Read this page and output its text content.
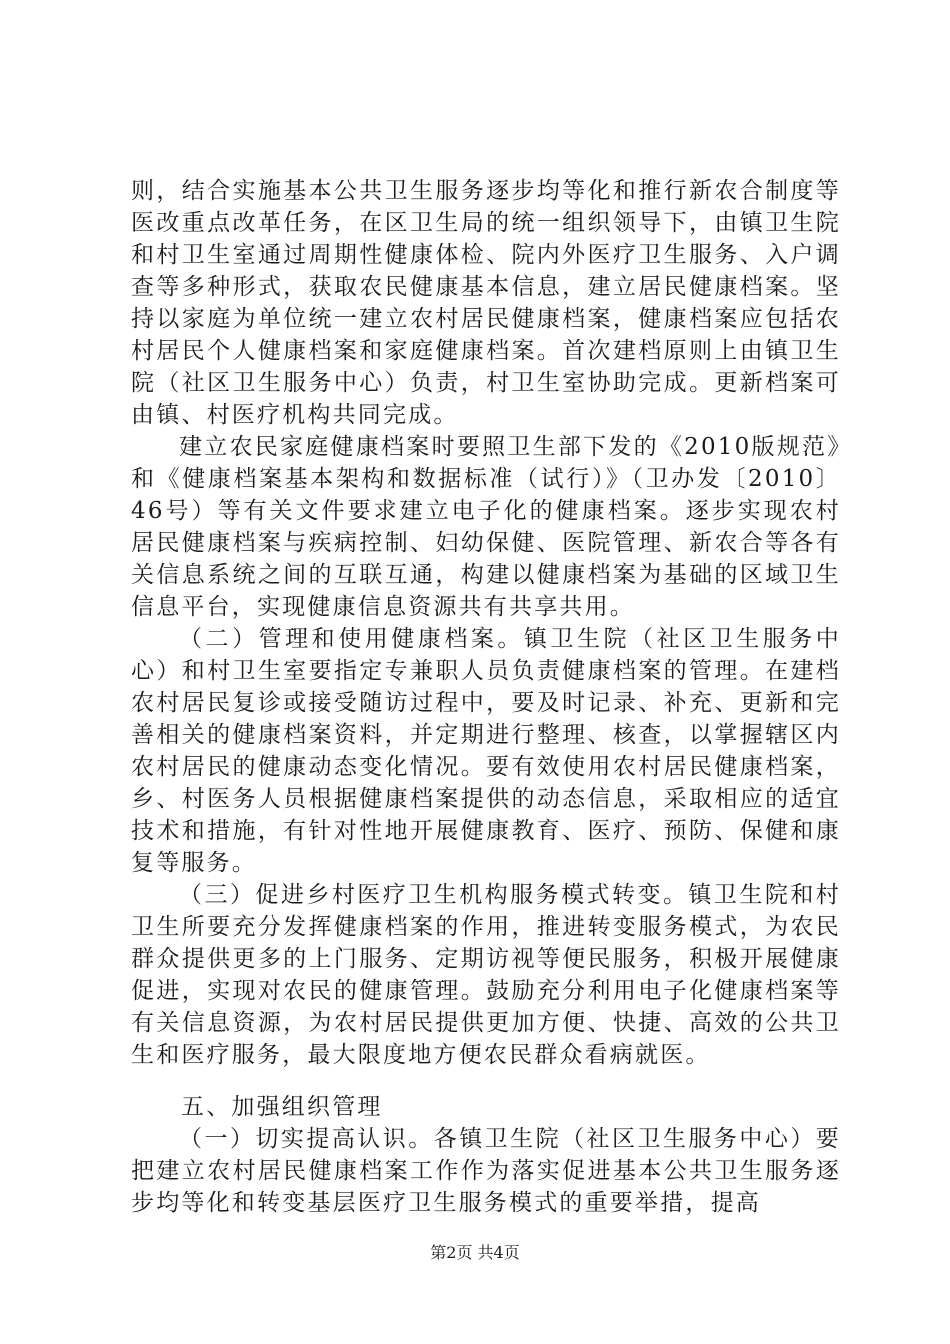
则，结合实施基本公共卫生服务逐步均等化和推行新农合制度等医改重点改革任务，在区卫生局的统一组织领导下，由镇卫生院和村卫生室通过周期性健康体检、院内外医疗卫生服务、入户调查等多种形式，获取农民健康基本信息，建立居民健康档案。坚持以家庭为单位统一建立农村居民健康档案，健康档案应包括农村居民个人健康档案和家庭健康档案。首次建档原则上由镇卫生院（社区卫生服务中心）负责，村卫生室协助完成。更新档案可由镇、村医疗机构共同完成。

建立农民家庭健康档案时要照卫生部下发的《2010版规范》和《健康档案基本架构和数据标准（试行）》（卫办发〔2010〕46号）等有关文件要求建立电子化的健康档案。逐步实现农村居民健康档案与疾病控制、妇幼保健、医院管理、新农合等各有关信息系统之间的互联互通，构建以健康档案为基础的区域卫生信息平台，实现健康信息资源共有共享共用。

（二）管理和使用健康档案。镇卫生院（社区卫生服务中心）和村卫生室要指定专兼职人员负责健康档案的管理。在建档农村居民复诊或接受随访过程中，要及时记录、补充、更新和完善相关的健康档案资料，并定期进行整理、核查，以掌握辖区内农村居民的健康动态变化情况。要有效使用农村居民健康档案，乡、村医务人员根据健康档案提供的动态信息，采取相应的适宜技术和措施，有针对性地开展健康教育、医疗、预防、保健和康复等服务。

（三）促进乡村医疗卫生机构服务模式转变。镇卫生院和村卫生所要充分发挥健康档案的作用，推进转变服务模式，为农民群众提供更多的上门服务、定期访视等便民服务，积极开展健康促进，实现对农民的健康管理。鼓励充分利用电子化健康档案等有关信息资源，为农村居民提供更加方便、快捷、高效的公共卫生和医疗服务，最大限度地方便农民群众看病就医。

五、加强组织管理

（一）切实提高认识。各镇卫生院（社区卫生服务中心）要把建立农村居民健康档案工作作为落实促进基本公共卫生服务逐步均等化和转变基层医疗卫生服务模式的重要举措，提高

第2页 共4页
